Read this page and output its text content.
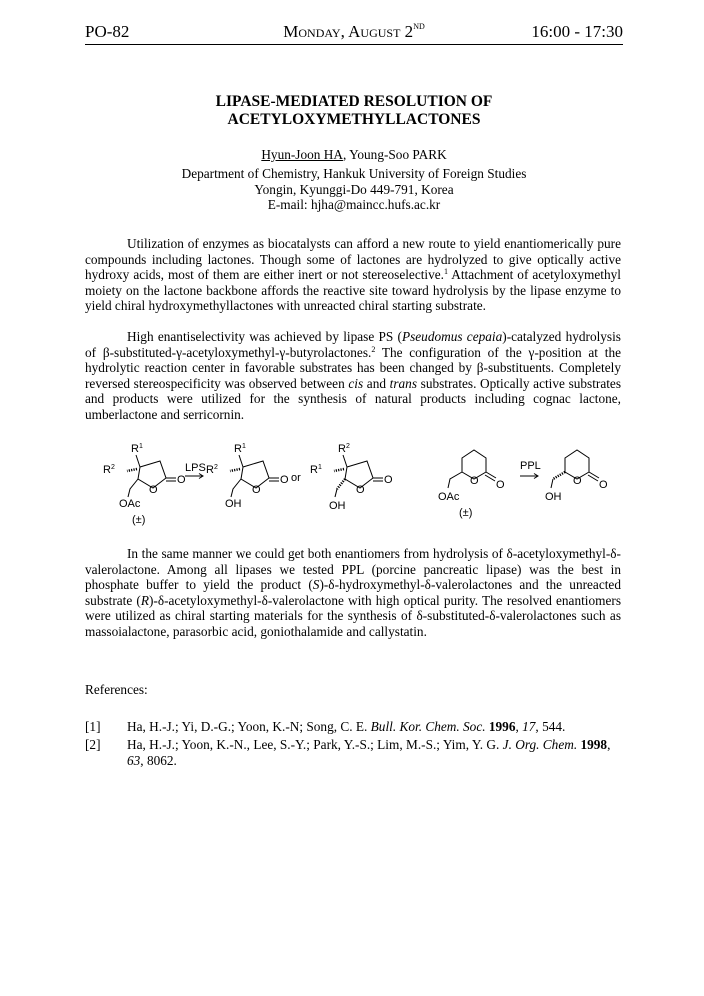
PO-82	Monday, August 2ND	16:00 - 17:30
LIPASE-MEDIATED RESOLUTION OF
ACETYLOXYMETHYLLACTONES
Hyun-Joon HA, Young-Soo PARK
Department of Chemistry, Hankuk University of Foreign Studies
Yongin, Kyunggi-Do 449-791, Korea
E-mail: hjha@maincc.hufs.ac.kr
Utilization of enzymes as biocatalysts can afford a new route to yield enantiomerically pure compounds including lactones. Though some of lactones are hydrolyzed to give optically active hydroxy acids, most of them are either inert or not stereoselective.$^1$ Attachment of acetyloxymethyl moiety on the lactone backbone affords the reactive site toward hydrolysis by the lipase enzyme to yield chiral hydroxymethyllactones with unreacted chiral starting substrate.
High enantiselectivity was achieved by lipase PS (Pseudomus cepaia)-catalyzed hydrolysis of β-substituted-γ-acetyloxymethyl-γ-butyrolactones.$^2$ The configuration of the γ-position at the hydrolytic reaction center in favorable substrates has been changed by β-substituents. Completely reversed stereospecificity was observed between cis and trans substrates. Optically active substrates and products were utilized for the synthesis of natural products including cognac lactone, umberlactone and serricornin.
$R^1$
$R^2$
O
O
OAc
(±)
LPS
$R^1$
$R^2$
O
O
OH
or
$R^2$
$R^1$
O
O
OH
O O
OAc
(±)
PPL
O O
OH
In the same manner we could get both enantiomers from hydrolysis of δ-acetyloxymethyl-δ-valerolactone. Among all lipases we tested PPL (porcine pancreatic lipase) was the best in phosphate buffer to yield the product (S)-δ-hydroxymethyl-δ-valerolactones and the unreacted substrate (R)-δ-acetyloxymethyl-δ-valerolactone with high optical purity. The resolved enantiomers were utilized as chiral starting materials for the synthesis of δ-substituted-δ-valerolactones such as massoialactone, parasorbic acid, goniothalamide and callystatin.
References:
[1] Ha, H.-J.; Yi, D.-G.; Yoon, K.-N; Song, C. E. Bull. Kor. Chem. Soc. 1996, 17, 544.
[2] Ha, H.-J.; Yoon, K.-N., Lee, S.-Y.; Park, Y.-S.; Lim, M.-S.; Yim, Y. G. J. Org. Chem. 1998, 63, 8062.
